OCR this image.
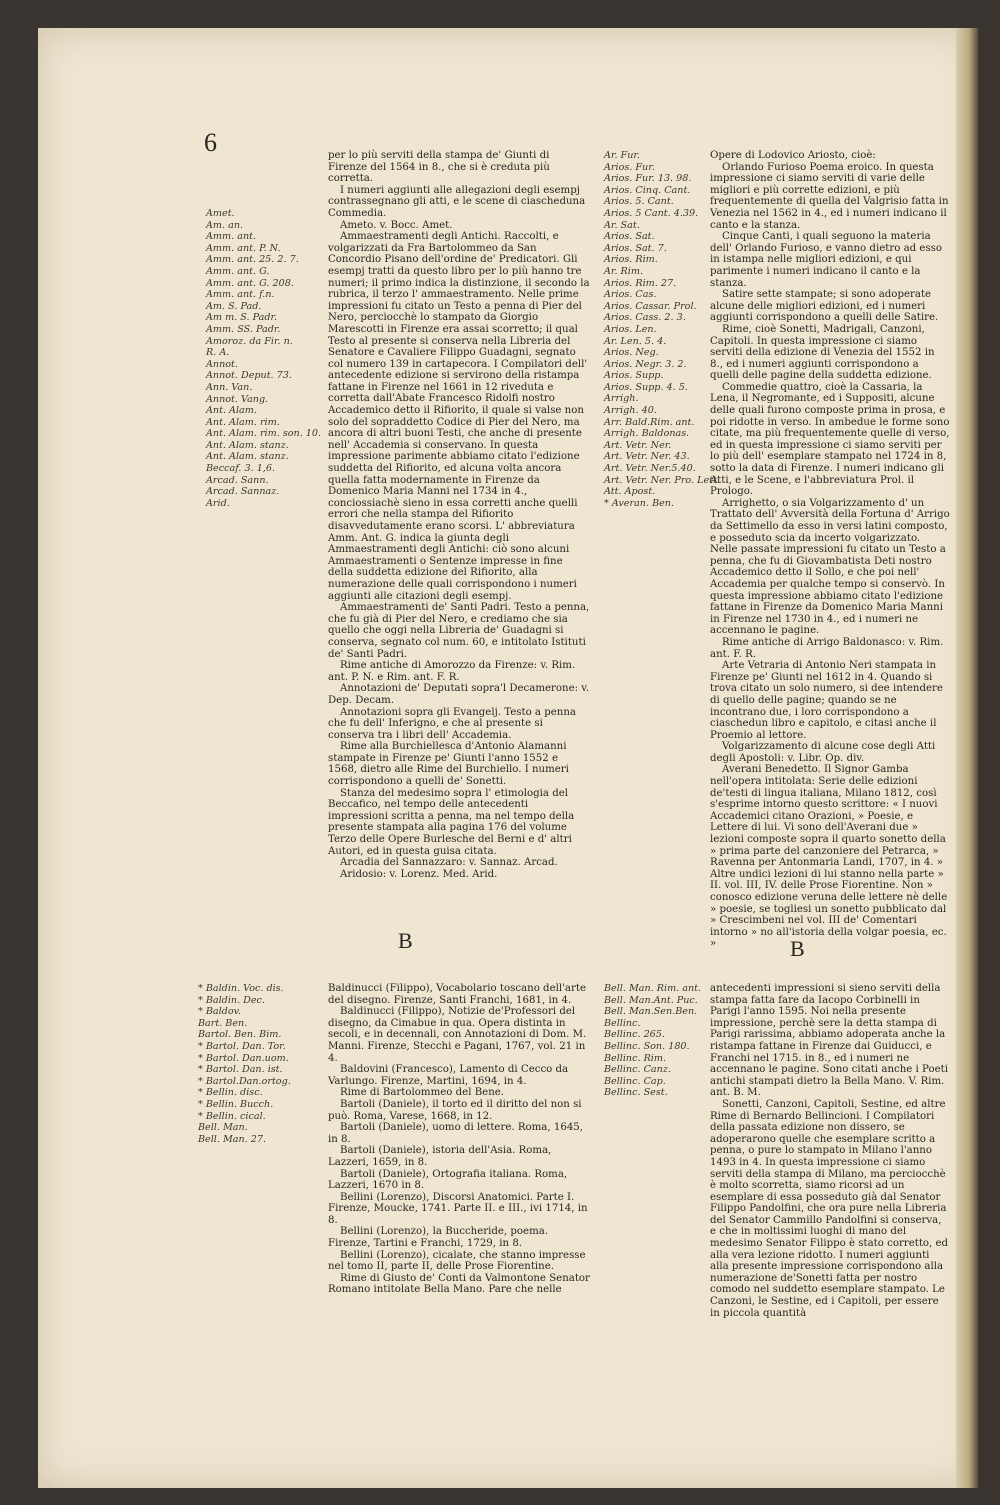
6
Amet.
Am. an.
Amm. ant.
Amm. ant. P. N.
Amm. ant. 25. 2. 7.
Amm. ant. G.
Amm. ant. G. 208.
Amm. ant. f.n.
Am. S. Pad.
Am m. S. Padr.
Amm. SS. Padr.
Amoroz. da Fir. n.
R. A.
Annot.
Annot. Deput. 73.
Ann. Van.
Annot. Vang.
Ant. Alam.
Ant. Alam. rim.
Ant. Alam. rim. son. 10.
Ant. Alam. stanz.
Ant. Alam. stanz. Beccaf. 3. 1,6.
Arcad. Sann.
Arcad. Sannaz.
Arid.

per lo più serviti della stampa de' Giunti di Firenze del 1564 in 8., che si è creduta più corretta.

I numeri aggiunti alle allegazioni degli esempj contrassegnano gli atti, e le scene di ciascheduna Commedia.

Ameto. v. Bocc. Amet.

Ammaestramenti degli Antichi. Raccolti, e volgarizzati da Fra Bartolommeo da San Concordio Pisano dell'ordine de' Predicatori. Gli esempj tratti da questo libro per lo più hanno tre numeri; il primo indica la distinzione, il secondo la rubrica, il terzo l' ammaestramento. Nelle prime impressioni fu citato un Testo a penna di Pier del Nero, perciocchè lo stampato da Giorgio Marescotti in Firenze era assai scorretto; il qual Testo al presente si conserva nella Libreria del Senatore e Cavaliere Filippo Guadagni, segnato col numero 139 in cartapecora. I Compilatori dell' antecedente edizione si servirono della ristampa fattane in Firenze nel 1661 in 12 riveduta e corretta dall'Abate Francesco Ridolfi nostro Accademico detto il Rifiorito, il quale si valse non solo del sopraddetto Codice di Pier del Nero, ma ancora di altri buoni Testi, che anche di presente nell' Accademia si conservano. In questa impressione parimente abbiamo citato l'edizione suddetta del Rifiorito, ed alcuna volta ancora quella fatta modernamente in Firenze da Domenico Maria Manni nel 1734 in 4., conciossiachè sieno in essa corretti anche quelli errori che nella stampa del Rifiorito disavvedutamente erano scorsi. L' abbreviatura Amm. Ant. G. indica la giunta degli Ammaestramenti degli Antichi: ciò sono alcuni Ammaestramenti o Sentenze impresse in fine della suddetta edizione del Rifiorito, alla numerazione delle quali corrispondono i numeri aggiunti alle citazioni degli esempj.

Ammaestramenti de' Santi Padri. Testo a penna, che fu già di Pier del Nero, e crediamo che sia quello che oggi nella Libreria de' Guadagni si conserva, segnato col num. 60, e intitolato Istituti de' Santi Padri.

Rime antiche di Amorozzo da Firenze: v. Rim. ant. P. N. e Rim. ant. F. R.

Annotazioni de' Deputati sopra'l Decamerone: v. Dep. Decam.

Annotazioni sopra gli Evangelj. Testo a penna che fu dell' Inferigno, e che al presente si conserva tra i libri dell' Accademia.

Rime alla Burchiellesca d'Antonio Alamanni stampate in Firenze pe' Giunti l'anno 1552 e 1568, dietro alle Rime del Burchiello. I numeri corrispondono a quelli de' Sonetti.

Stanza del medesimo sopra l' etimologia del Beccafico, nel tempo delle antecedenti impressioni scritta a penna, ma nel tempo della presente stampata alla pagina 176 del volume Terzo delle Opere Burlesche del Berni e d' altri Autori, ed in questa guisa citata.

Arcadia del Sannazzaro: v. Sannaz. Arcad.

Aridosio: v. Lorenz. Med. Arid.

Ar. Fur.
Arios. Fur.
Arios. Fur. 13. 98.
Arios. Cinq. Cant.
Arios. 5. Cant.
Arios. 5 Cant. 4.39.
Ar. Sat.
Arios. Sat.
Arios. Sat. 7.
Arios. Rim.
Ar. Rim.
Arios. Rim. 27.
Arios. Cas.
Arios. Cassar. Prol.
Arios. Cass. 2. 3.
Arios. Len.
Ar. Len. 5. 4.
Arios. Neg.
Arios. Negr. 3. 2.
Arios. Supp.
Arios. Supp. 4. 5.
Arrigh.
Arrigh. 40.
Arr. Bald.Rim. ant.
Arrigh. Baldonas.
Art. Vetr. Ner.
Art. Vetr. Ner. 43.
Art. Vetr. Ner.5.40.
Art. Vetr. Ner. Pro. Lett.
Att. Apost.
* Averan. Ben.

Opere di Lodovico Ariosto, cioè:

Orlando Furioso Poema eroico. In questa impressione ci siamo serviti di varie delle migliori e più corrette edizioni, e più frequentemente di quella del Valgrisio fatta in Venezia nel 1562 in 4., ed i numeri indicano il canto e la stanza.

Cinque Canti, i quali seguono la materia dell' Orlando Furioso, e vanno dietro ad esso in istampa nelle migliori edizioni, e qui parimente i numeri indicano il canto e la stanza.

Satire sette stampate; si sono adoperate alcune delle migliori edizioni, ed i numeri aggiunti corrispondono a quelli delle Satire.

Rime, cioè Sonetti, Madrigali, Canzoni, Capitoli. In questa impressione ci siamo serviti della edizione di Venezia del 1552 in 8., ed i numeri aggiunti corrispondono a quelli delle pagine della suddetta edizione.

Commedie quattro, cioè la Cassaria, la Lena, il Negromante, ed i Suppositi, alcune delle quali furono composte prima in prosa, e poi ridotte in verso. In ambedue le forme sono citate, ma più frequentemente quelle di verso, ed in questa impressione ci siamo serviti per lo più dell' esemplare stampato nel 1724 in 8, sotto la data di Firenze. I numeri indicano gli Atti, e le Scene, e l'abbreviatura Prol. il Prologo.

Arrighetto, o sia Volgarizzamento d' un Trattato dell' Avversità della Fortuna d' Arrigo da Settimello da esso in versi latini composto, e posseduto scia da incerto volgarizzato. Nelle passate impressioni fu citato un Testo a penna, che fu di Giovambatista Deti nostro Accademico detto il Sollo, e che poi nell' Accademia per qualche tempo si conservò. In questa impressione abbiamo citato l'edizione fattane in Firenze da Domenico Maria Manni in Firenze nel 1730 in 4., ed i numeri ne accennano le pagine.

Rime antiche di Arrigo Baldonasco: v. Rim. ant. F. R.

Arte Vetraria di Antonio Neri stampata in Firenze pe' Giunti nel 1612 in 4. Quando si trova citato un solo numero, si dee intendere di quello delle pagine; quando se ne incontrano due, i loro corrispondono a ciaschedun libro e capitolo, e citasi anche il Proemio al lettore.

Volgarizzamento di alcune cose degli Atti degli Apostoli: v. Libr. Op. div.

Averani Benedetto. Il Signor Gamba nell'opera intitolata: Serie delle edizioni de'testi di lingua italiana, Milano 1812, così s'esprime intorno questo scrittore: « I nuovi Accademici citano Orazioni, » Poesie, e Lettere di lui. Vi sono dell'Averani due » lezioni composte sopra il quarto sonetto della » prima parte del canzoniere del Petrarca, » Ravenna per Antonmaria Landi, 1707, in 4. » Altre undici lezioni di lui stanno nella parte » II. vol. III, IV. delle Prose Fiorentine. Non » conosco edizione veruna delle lettere nè delle » poesie, se togliesi un sonetto pubblicato dal » Crescimbeni nel vol. III de' Comentari intorno » no all'istoria della volgar poesia, ec. »

B	B
* Baldin. Voc. dis.
* Baldin. Dec.
* Baldov.
Bart. Ben.
Bartol. Ben. Bim.
* Bartol. Dan. Tor.
* Bartol. Dan.uom.
* Bartol. Dan. ist.
* Bartol.Dan.ortog.
* Bellin. disc.
* Bellin. Bucch.
* Bellin. cical.
Bell. Man.
Bell. Man. 27.

Baldinucci (Filippo), Vocabolario toscano dell'arte del disegno. Firenze, Santi Franchi, 1681, in 4.

Baldinucci (Filippo), Notizie de'Professori del disegno, da Cimabue in qua. Opera distinta in secoli, e in decennali, con Annotazioni di Dom. M. Manni. Firenze, Stecchi e Pagani, 1767, vol. 21 in 4.

Baldovini (Francesco), Lamento di Cecco da Varlungo. Firenze, Martini, 1694, in 4.

Rime di Bartolommeo del Bene.

Bartoli (Daniele), il torto ed il diritto del non si può. Roma, Varese, 1668, in 12.

Bartoli (Daniele), uomo di lettere. Roma, 1645, in 8.

Bartoli (Daniele), istoria dell'Asia. Roma, Lazzeri, 1659, in 8.

Bartoli (Daniele), Ortografia italiana. Roma, Lazzeri, 1670 in 8.

Bellini (Lorenzo), Discorsi Anatomici. Parte I. Firenze, Moucke, 1741. Parte II. e III., ivi 1714, in 8.

Bellini (Lorenzo), la Buccheride, poema. Firenze, Tartini e Franchi, 1729, in 8.

Bellini (Lorenzo), cicalate, che stanno impresse nel tomo II, parte II, delle Prose Fiorentine.

Rime di Giusto de' Conti da Valmontone Senator Romano intitolate Bella Mano. Pare che nelle

Bell. Man. Rim. ant.
Bell. Man.Ant. Puc.
Bell. Man.Sen.Ben.
Bellinc.
Bellinc. 265.
Bellinc. Son. 180.
Bellinc. Rim.
Bellinc. Canz.
Bellinc. Cap.
Bellinc. Sest.

antecedenti impressioni si sieno serviti della stampa fatta fare da Iacopo Corbinelli in Parigi l'anno 1595. Noi nella presente impressione, perchè sere la detta stampa di Parigi rarissima, abbiamo adoperata anche la ristampa fattane in Firenze dai Guiducci, e Franchi nel 1715. in 8., ed i numeri ne accennano le pagine. Sono citati anche i Poeti antichi stampati dietro la Bella Mano. V. Rim. ant. B. M.

Sonetti, Canzoni, Capitoli, Sestine, ed altre Rime di Bernardo Bellincioni. I Compilatori della passata edizione non dissero, se adoperarono quelle che esemplare scritto a penna, o pure lo stampato in Milano l'anno 1493 in 4. In questa impressione ci siamo serviti della stampa di Milano, ma perciocchè è molto scorretta, siamo ricorsi ad un esemplare di essa posseduto già dal Senator Filippo Pandolfini, che ora pure nella Libreria del Senator Cammillo Pandolfini si conserva, e che in moltissimi luoghi di mano del medesimo Senator Filippo è stato corretto, ed alla vera lezione ridotto. I numeri aggiunti alla presente impressione corrispondono alla numerazione de'Sonetti fatta per nostro comodo nel suddetto esemplare stampato. Le Canzoni, le Sestine, ed i Capitoli, per essere in piccola quantità
